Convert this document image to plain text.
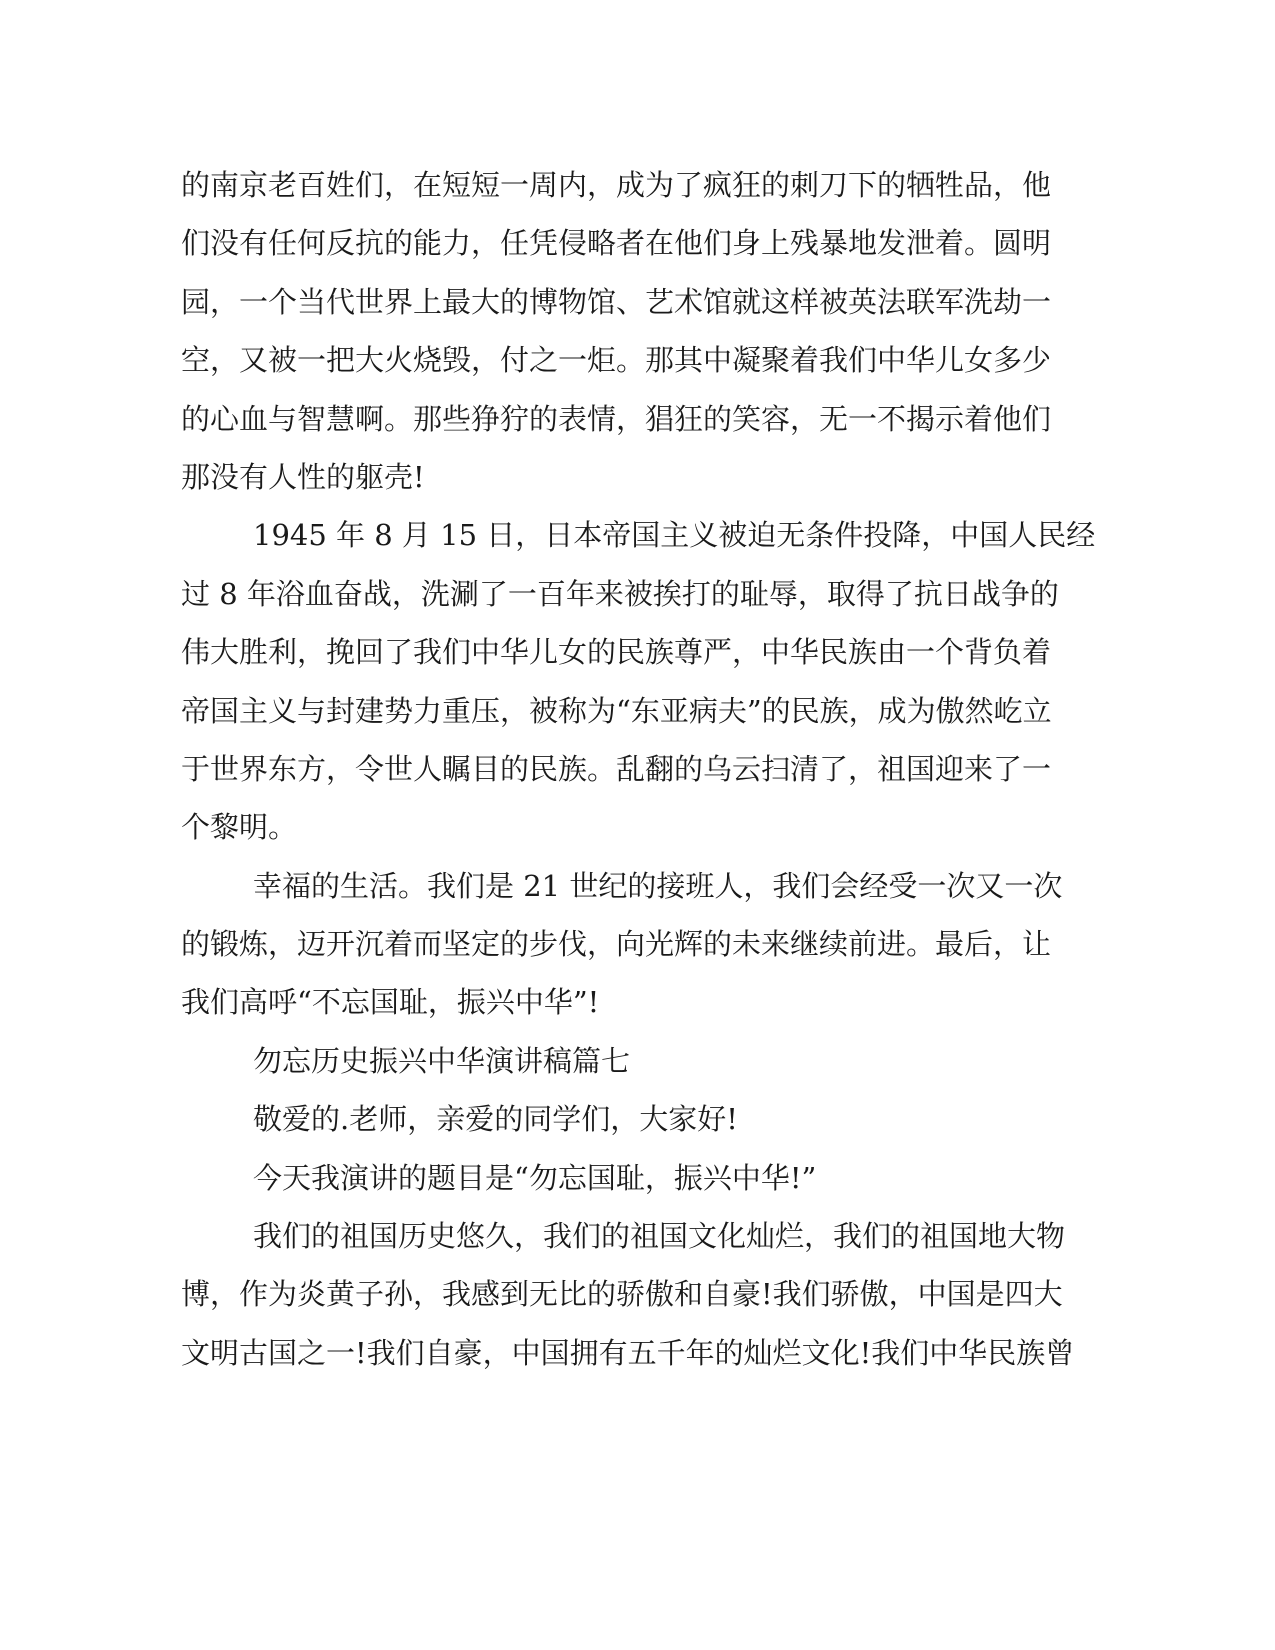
的南京老百姓们，在短短一周内，成为了疯狂的刺刀下的牺牲品，他
们没有任何反抗的能力，任凭侵略者在他们身上残暴地发泄着。圆明
园，一个当代世界上最大的博物馆、艺术馆就这样被英法联军洗劫一
空，又被一把大火烧毁，付之一炬。那其中凝聚着我们中华儿女多少
的心血与智慧啊。那些狰狞的表情，猖狂的笑容，无一不揭示着他们
那没有人性的躯壳!
1945 年 8 月 15 日，日本帝国主义被迫无条件投降，中国人民经
过 8 年浴血奋战，洗涮了一百年来被挨打的耻辱，取得了抗日战争的
伟大胜利，挽回了我们中华儿女的民族尊严，中华民族由一个背负着
帝国主义与封建势力重压，被称为“东亚病夫”的民族，成为傲然屹立
于世界东方，令世人瞩目的民族。乱翻的乌云扫清了，祖国迎来了一
个黎明。
幸福的生活。我们是 21 世纪的接班人，我们会经受一次又一次
的锻炼，迈开沉着而坚定的步伐，向光辉的未来继续前进。最后，让
我们高呼“不忘国耻，振兴中华”!
勿忘历史振兴中华演讲稿篇七
敬爱的.老师，亲爱的同学们，大家好!
今天我演讲的题目是“勿忘国耻，振兴中华!”
我们的祖国历史悠久，我们的祖国文化灿烂，我们的祖国地大物
博，作为炎黄子孙，我感到无比的骄傲和自豪!我们骄傲，中国是四大
文明古国之一!我们自豪，中国拥有五千年的灿烂文化!我们中华民族曾
